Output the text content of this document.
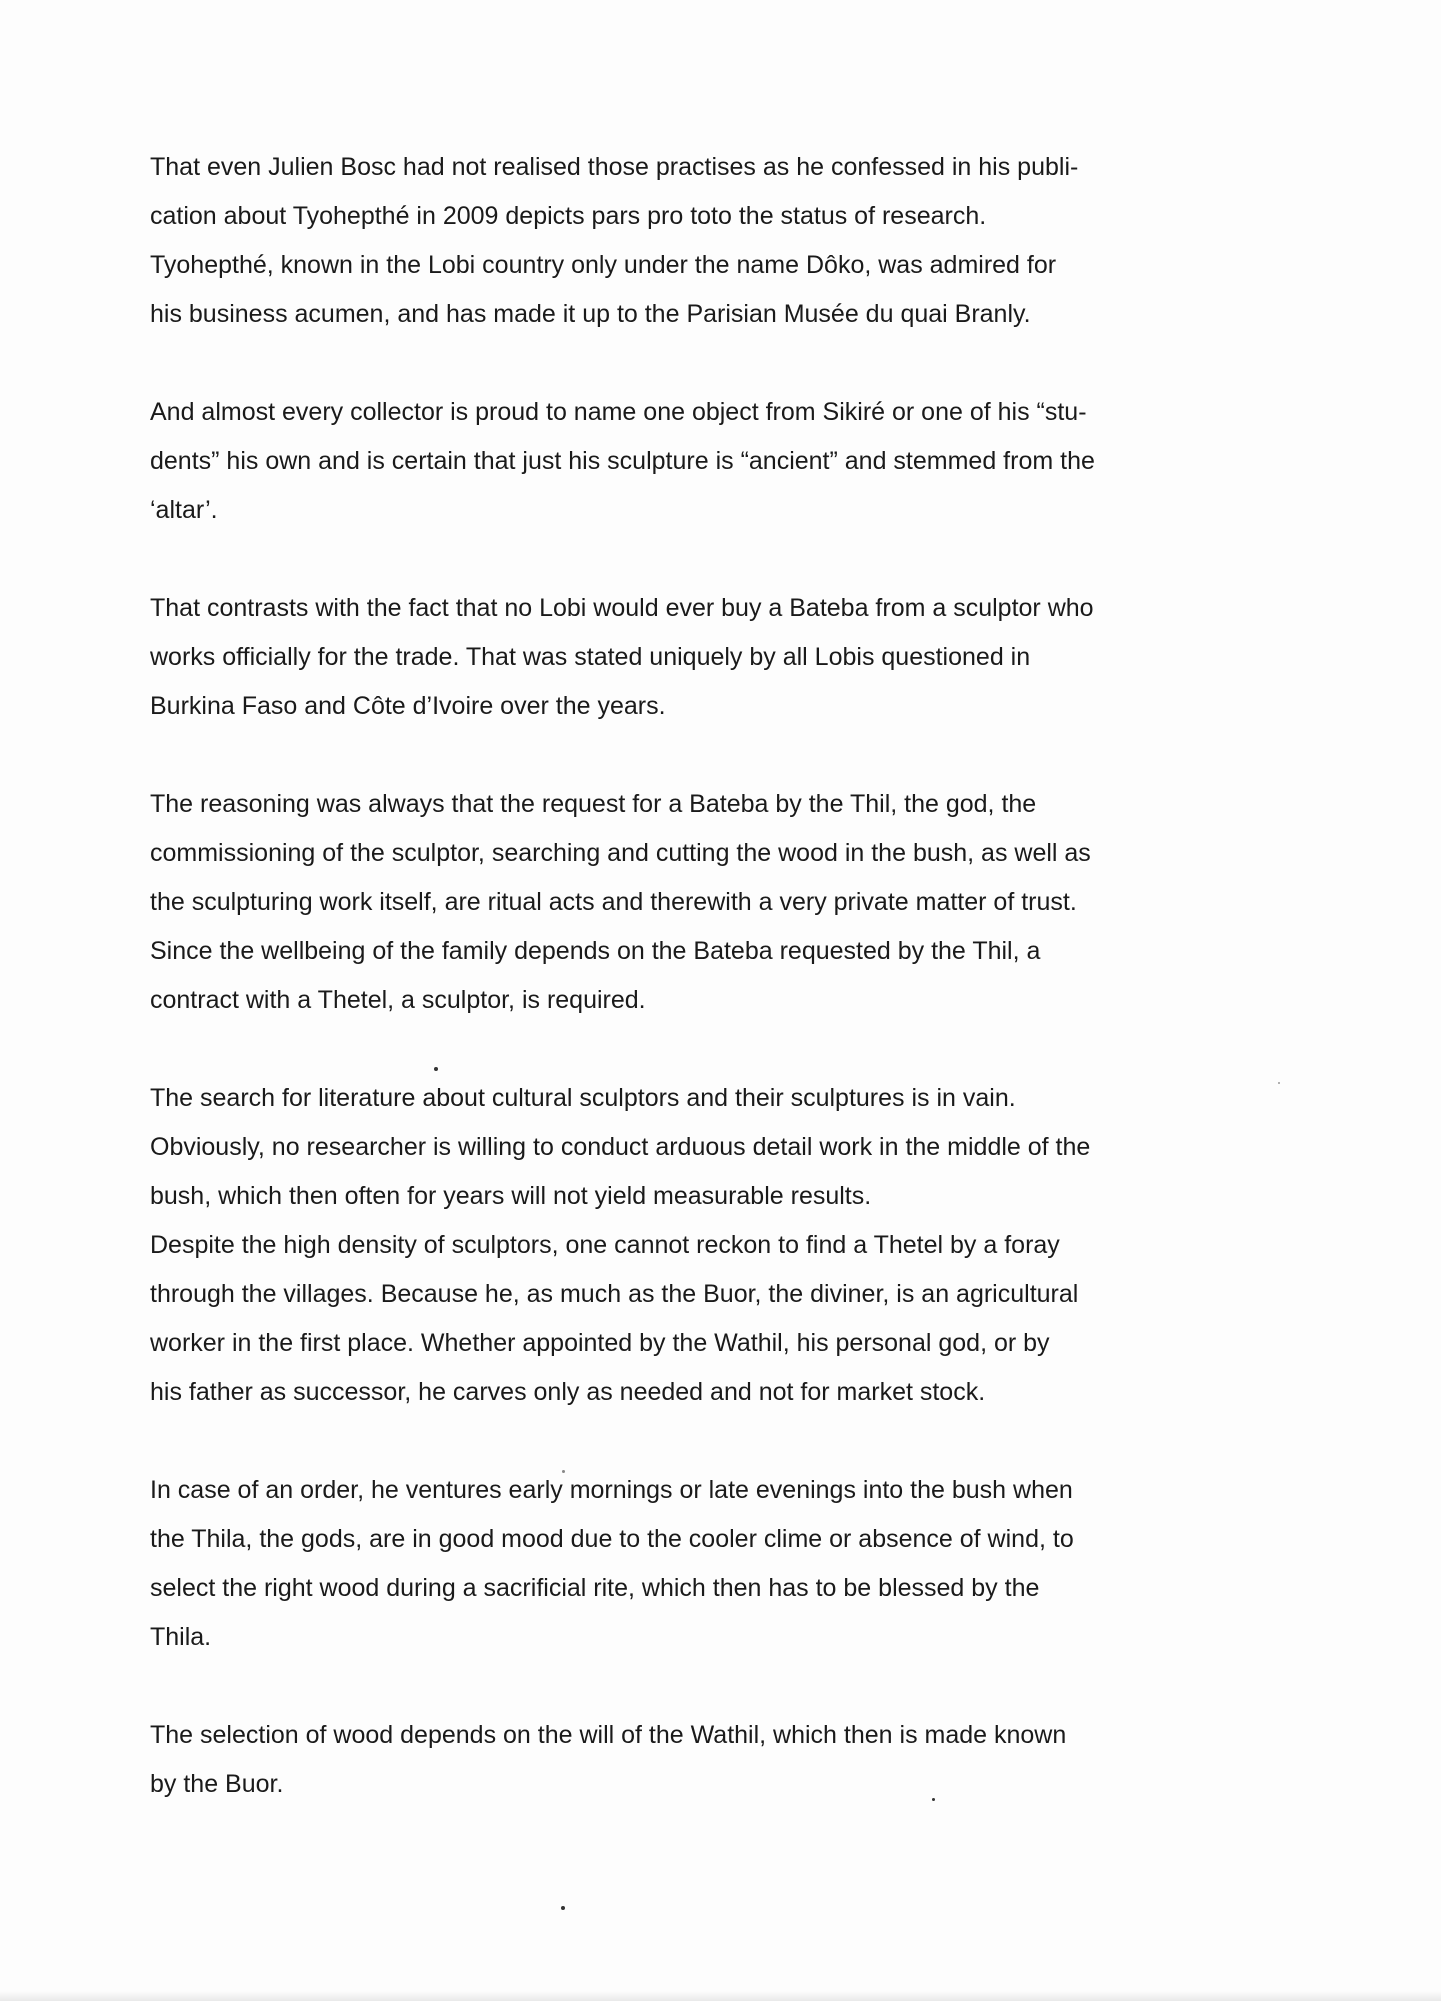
That even Julien Bosc had not realised those practises as he confessed in his publi-
cation about Tyohepthé in 2009 depicts pars pro toto the status of research.
Tyohepthé, known in the Lobi country only under the name Dôko, was admired for
his business acumen, and has made it up to the Parisian Musée du quai Branly.

And almost every collector is proud to name one object from Sikiré or one of his “stu-
dents” his own and is certain that just his sculpture is “ancient” and stemmed from the
‘altar’.

That contrasts with the fact that no Lobi would ever buy a Bateba from a sculptor who
works officially for the trade. That was stated uniquely by all Lobis questioned in
Burkina Faso and Côte d’Ivoire over the years.

The reasoning was always that the request for a Bateba by the Thil, the god, the
commissioning of the sculptor, searching and cutting the wood in the bush, as well as
the sculpturing work itself, are ritual acts and therewith a very private matter of trust.
Since the wellbeing of the family depends on the Bateba requested by the Thil, a
contract with a Thetel, a sculptor, is required.

The search for literature about cultural sculptors and their sculptures is in vain.
Obviously, no researcher is willing to conduct arduous detail work in the middle of the
bush, which then often for years will not yield measurable results.
Despite the high density of sculptors, one cannot reckon to find a Thetel by a foray
through the villages. Because he, as much as the Buor, the diviner, is an agricultural
worker in the first place. Whether appointed by the Wathil, his personal god, or by
his father as successor, he carves only as needed and not for market stock.

In case of an order, he ventures early mornings or late evenings into the bush when
the Thila, the gods, are in good mood due to the cooler clime or absence of wind, to
select the right wood during a sacrificial rite, which then has to be blessed by the
Thila.

The selection of wood depends on the will of the Wathil, which then is made known
by the Buor.
